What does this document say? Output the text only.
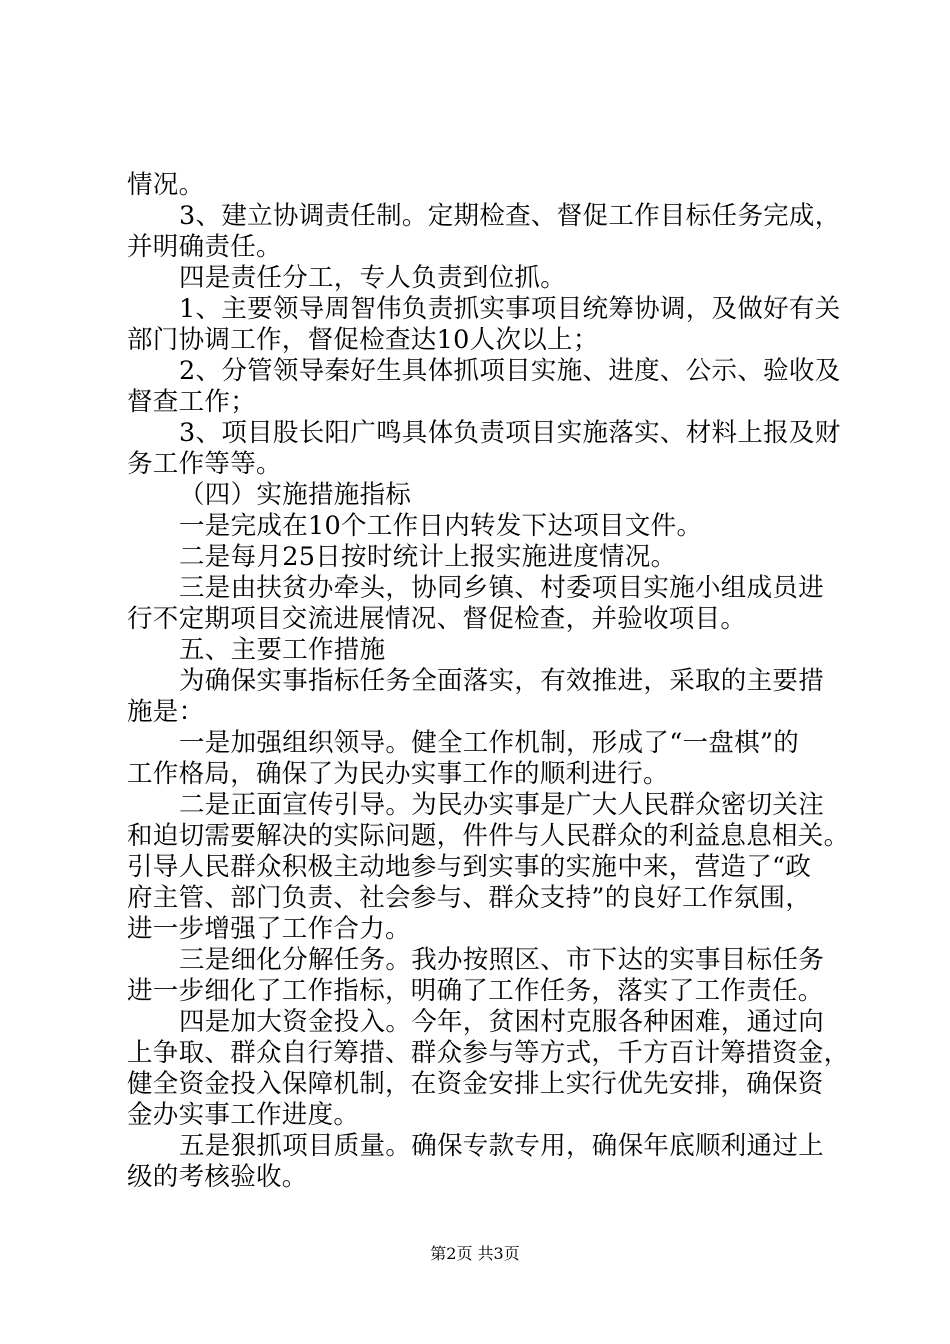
情况。
3、建立协调责任制。定期检查、督促工作目标任务完成，
并明确责任。
四是责任分工，专人负责到位抓。
1、主要领导周智伟负责抓实事项目统筹协调，及做好有关
部门协调工作，督促检查达10人次以上；
2、分管领导秦好生具体抓项目实施、进度、公示、验收及
督查工作；
3、项目股长阳广鸣具体负责项目实施落实、材料上报及财
务工作等等。
（四）实施措施指标
一是完成在10个工作日内转发下达项目文件。
二是每月25日按时统计上报实施进度情况。
三是由扶贫办牵头，协同乡镇、村委项目实施小组成员进
行不定期项目交流进展情况、督促检查，并验收项目。
五、主要工作措施
为确保实事指标任务全面落实，有效推进，采取的主要措
施是：
一是加强组织领导。健全工作机制，形成了“一盘棋”的
工作格局，确保了为民办实事工作的顺利进行。
二是正面宣传引导。为民办实事是广大人民群众密切关注
和迫切需要解决的实际问题，件件与人民群众的利益息息相关。
引导人民群众积极主动地参与到实事的实施中来，营造了“政
府主管、部门负责、社会参与、群众支持”的良好工作氛围，
进一步增强了工作合力。
三是细化分解任务。我办按照区、市下达的实事目标任务
进一步细化了工作指标，明确了工作任务，落实了工作责任。
四是加大资金投入。今年，贫困村克服各种困难，通过向
上争取、群众自行筹措、群众参与等方式，千方百计筹措资金，
健全资金投入保障机制，在资金安排上实行优先安排，确保资
金办实事工作进度。
五是狠抓项目质量。确保专款专用，确保年底顺利通过上
级的考核验收。
第2页 共3页
